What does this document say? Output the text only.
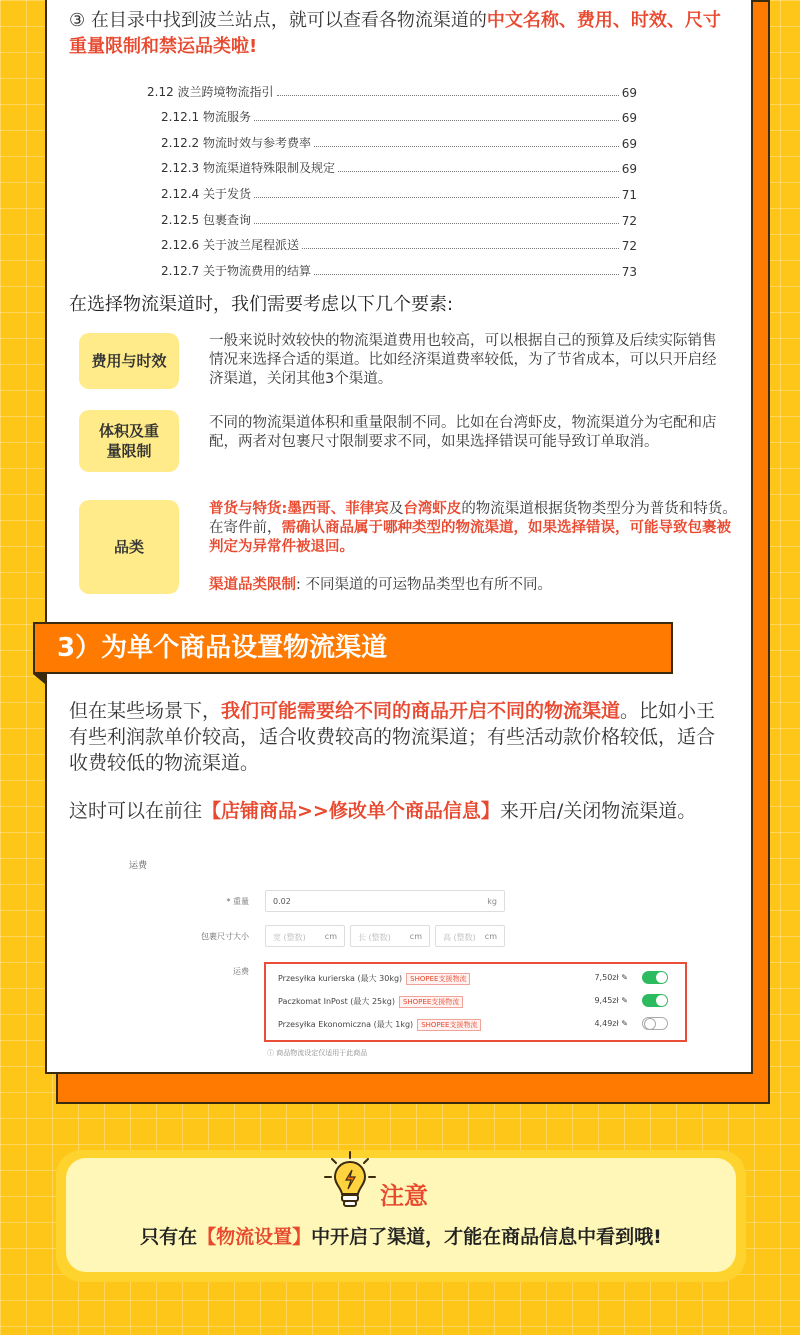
③ 在目录中找到波兰站点，就可以查看各物流渠道的中文名称、费用、时效、尺寸重量限制和禁运品类啦!
2.12 波兰跨境物流指引	69
2.12.1 物流服务	69
2.12.2 物流时效与参考费率	69
2.12.3 物流渠道特殊限制及规定	69
2.12.4 关于发货	71
2.12.5 包裹查询	72
2.12.6 关于波兰尾程派送	72
2.12.7 关于物流费用的结算	73
在选择物流渠道时，我们需要考虑以下几个要素:
费用与时效
一般来说时效较快的物流渠道费用也较高，可以根据自己的预算及后续实际销售情况来选择合适的渠道。比如经济渠道费率较低，为了节省成本，可以只开启经济渠道，关闭其他3个渠道。
体积及重量限制
不同的物流渠道体积和重量限制不同。比如在台湾虾皮，物流渠道分为宅配和店配，两者对包裹尺寸限制要求不同，如果选择错误可能导致订单取消。
品类
普货与特货:墨西哥、菲律宾及台湾虾皮的物流渠道根据货物类型分为普货和特货。在寄件前，需确认商品属于哪种类型的物流渠道，如果选择错误，可能导致包裹被判定为异常件被退回。
渠道品类限制: 不同渠道的可运物品类型也有所不同。
但在某些场景下，我们可能需要给不同的商品开启不同的物流渠道。比如小王有些利润款单价较高，适合收费较高的物流渠道；有些活动款价格较低，适合收费较低的物流渠道。
这时可以在前往【店铺商品>>修改单个商品信息】来开启/关闭物流渠道。
运费
* 重量	0.02	kg
包裹尺寸大小	宽 (整数) cm	长 (整数) cm	高 (整数) cm
运费
Przesyłka kurierska (最大 30kg) SHOPEE支援物流	7,50zł ✎
Paczkomat InPost (最大 25kg) SHOPEE支援物流	9,45zł ✎
Przesyłka Ekonomiczna (最大 1kg) SHOPEE支援物流	4,49zł ✎
ⓘ 商品物流设定仅适用于此商品
3）为单个商品设置物流渠道
注意
只有在【物流设置】中开启了渠道，才能在商品信息中看到哦!
